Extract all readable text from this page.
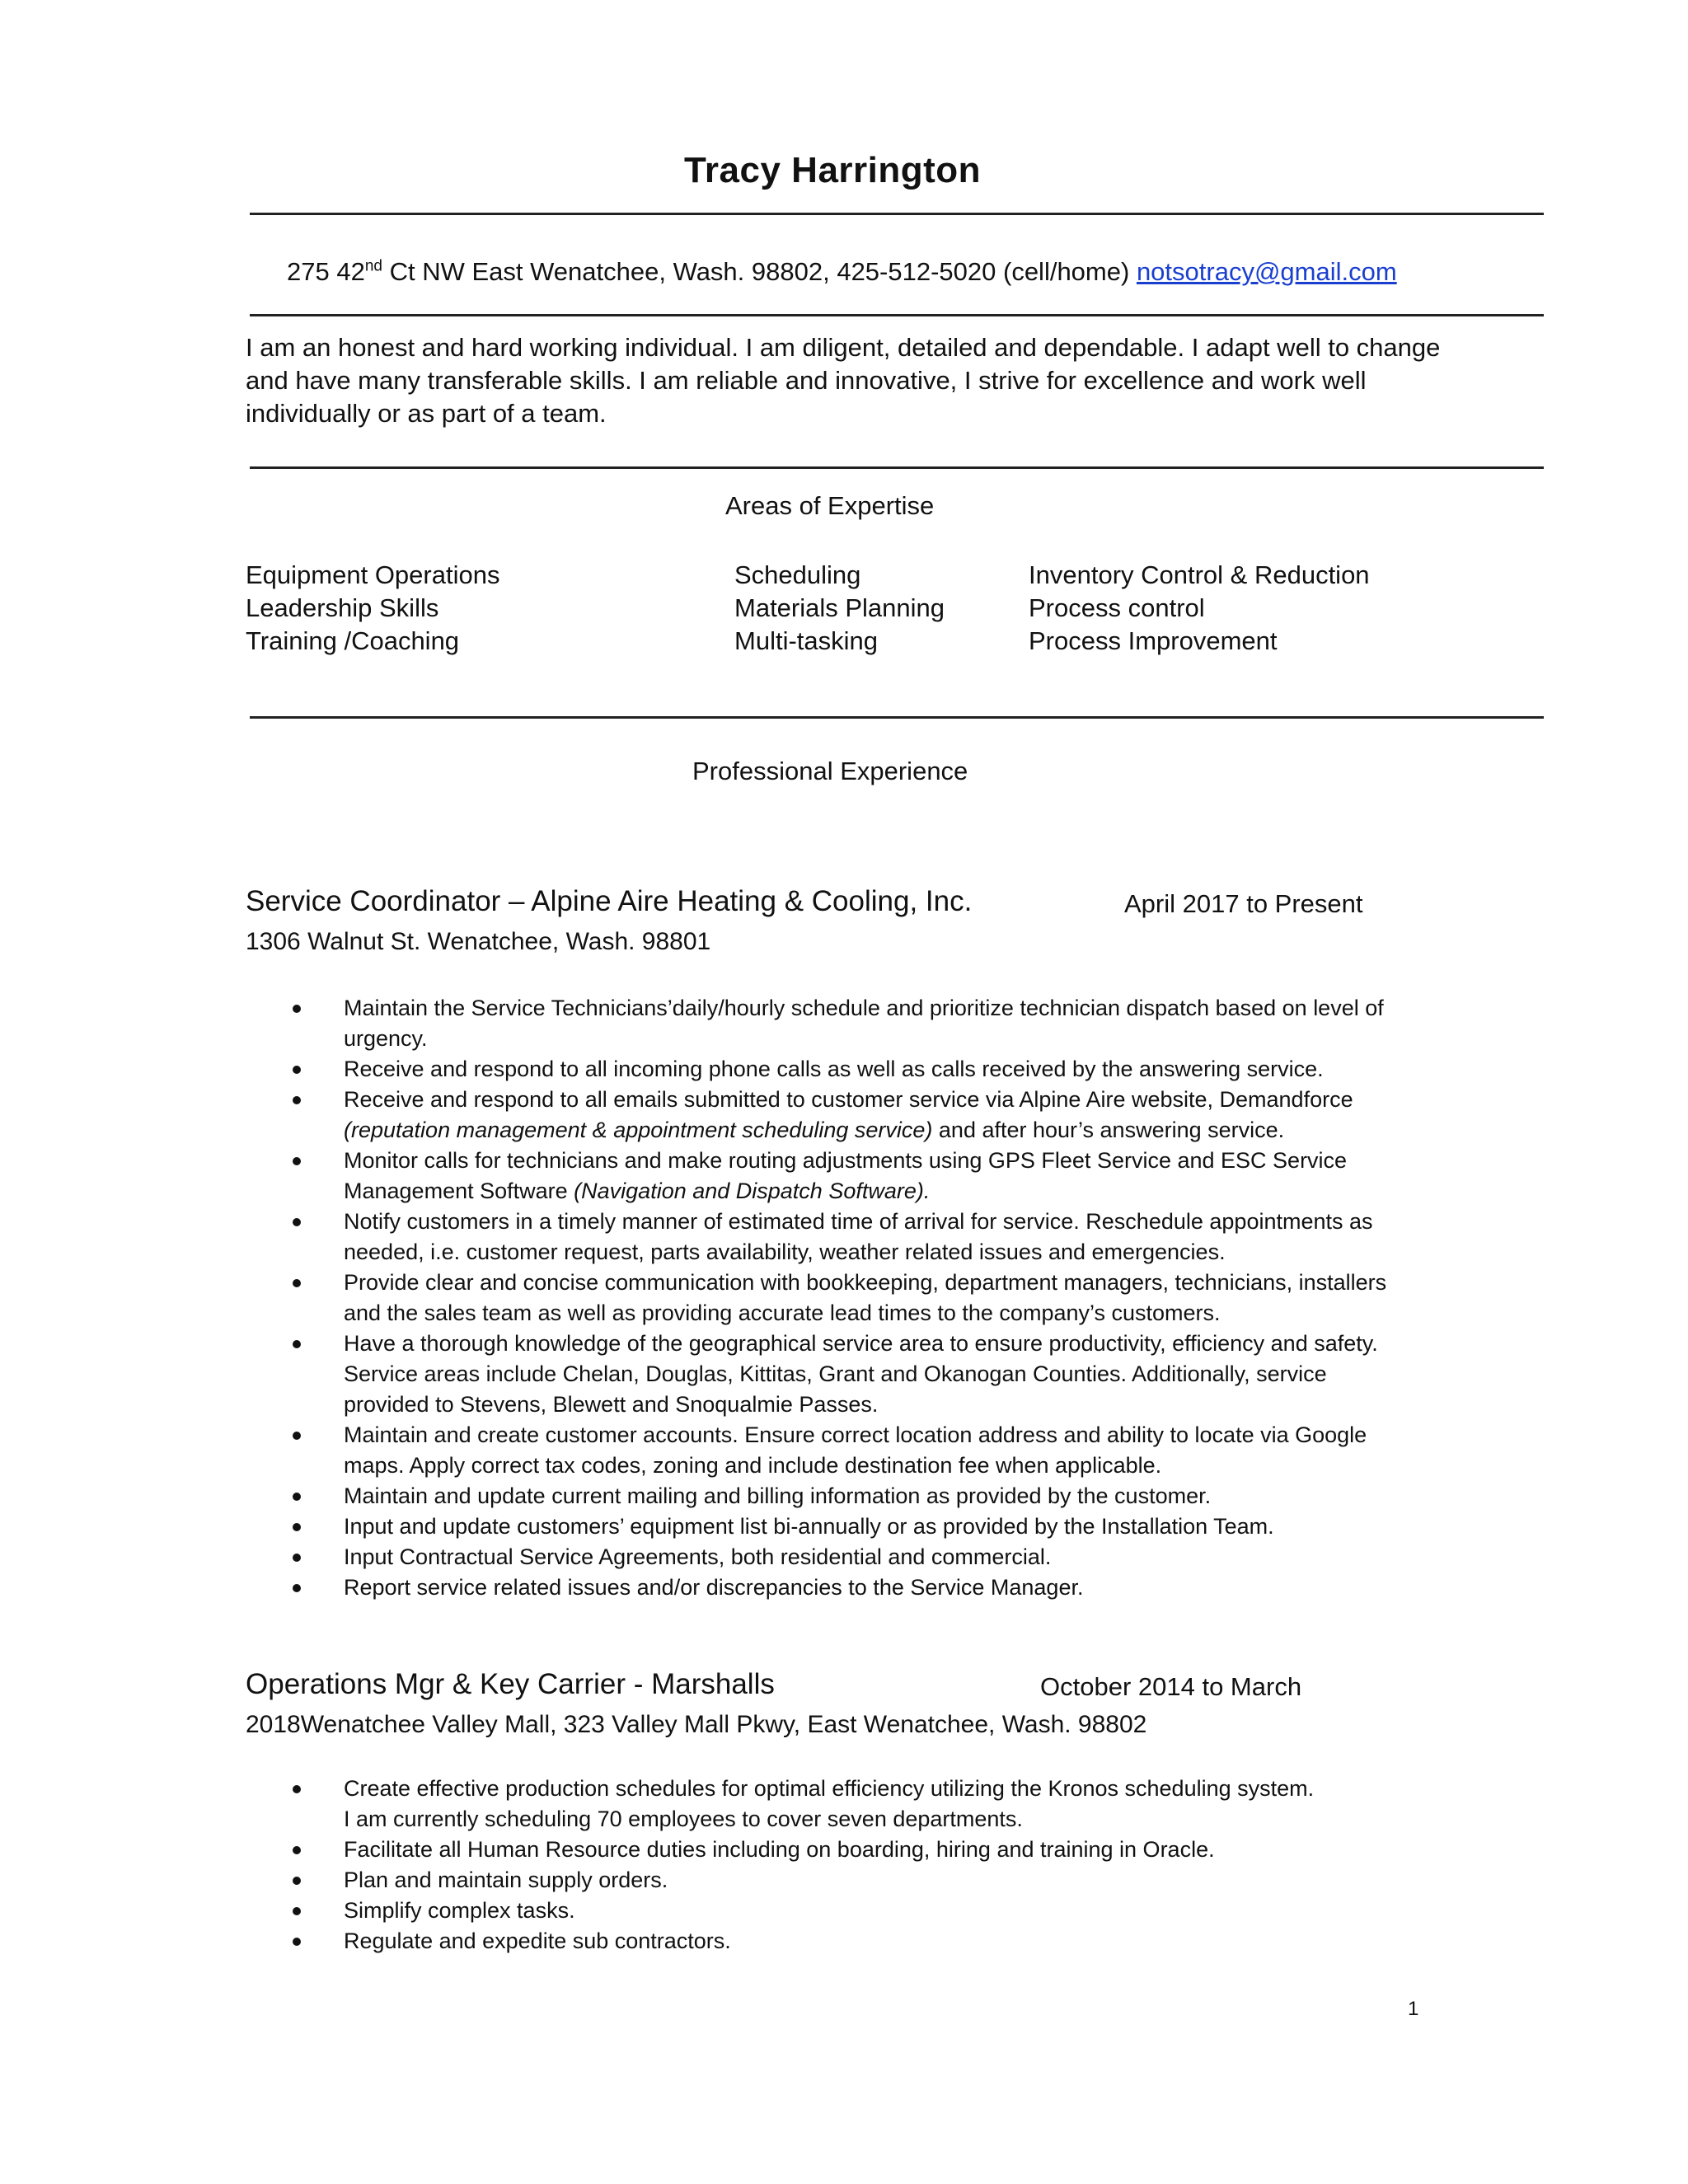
Tracy Harrington
275 42nd Ct NW East Wenatchee, Wash. 98802, 425-512-5020 (cell/home) notsotracy@gmail.com
I am an honest and hard working individual. I am diligent, detailed and dependable. I adapt well to change and have many transferable skills. I am reliable and innovative, I strive for excellence and work well individually or as part of a team.
Areas of Expertise
Equipment Operations
Leadership Skills
Training /Coaching
Scheduling
Materials Planning
Multi-tasking
Inventory Control & Reduction
Process control
Process Improvement
Professional Experience
Service Coordinator – Alpine Aire Heating & Cooling, Inc.	April 2017 to Present
1306 Walnut St. Wenatchee, Wash. 98801
Maintain the Service Technicians’daily/hourly schedule and prioritize technician dispatch based on level of urgency.
Receive and respond to all incoming phone calls as well as calls received by the answering service.
Receive and respond to all emails submitted to customer service via Alpine Aire website, Demandforce (reputation management & appointment scheduling service) and after hour’s answering service.
Monitor calls for technicians and make routing adjustments using GPS Fleet Service and ESC Service Management Software (Navigation and Dispatch Software).
Notify customers in a timely manner of estimated time of arrival for service. Reschedule appointments as needed, i.e. customer request, parts availability, weather related issues and emergencies.
Provide clear and concise communication with bookkeeping, department managers, technicians, installers and the sales team as well as providing accurate lead times to the company’s customers.
Have a thorough knowledge of the geographical service area to ensure productivity, efficiency and safety. Service areas include Chelan, Douglas, Kittitas, Grant and Okanogan Counties. Additionally, service provided to Stevens, Blewett and Snoqualmie Passes.
Maintain and create customer accounts. Ensure correct location address and ability to locate via Google maps. Apply correct tax codes, zoning and include destination fee when applicable.
Maintain and update current mailing and billing information as provided by the customer.
Input and update customers’ equipment list bi-annually or as provided by the Installation Team.
Input Contractual Service Agreements, both residential and commercial.
Report service related issues and/or discrepancies to the Service Manager.
Operations Mgr & Key Carrier - Marshalls	October 2014 to March
2018Wenatchee Valley Mall, 323 Valley Mall Pkwy, East Wenatchee, Wash. 98802
Create effective production schedules for optimal efficiency utilizing the Kronos scheduling system.
I am currently scheduling 70 employees to cover seven departments.
Facilitate all Human Resource duties including on boarding, hiring and training in Oracle.
Plan and maintain supply orders.
Simplify complex tasks.
Regulate and expedite sub contractors.
1
